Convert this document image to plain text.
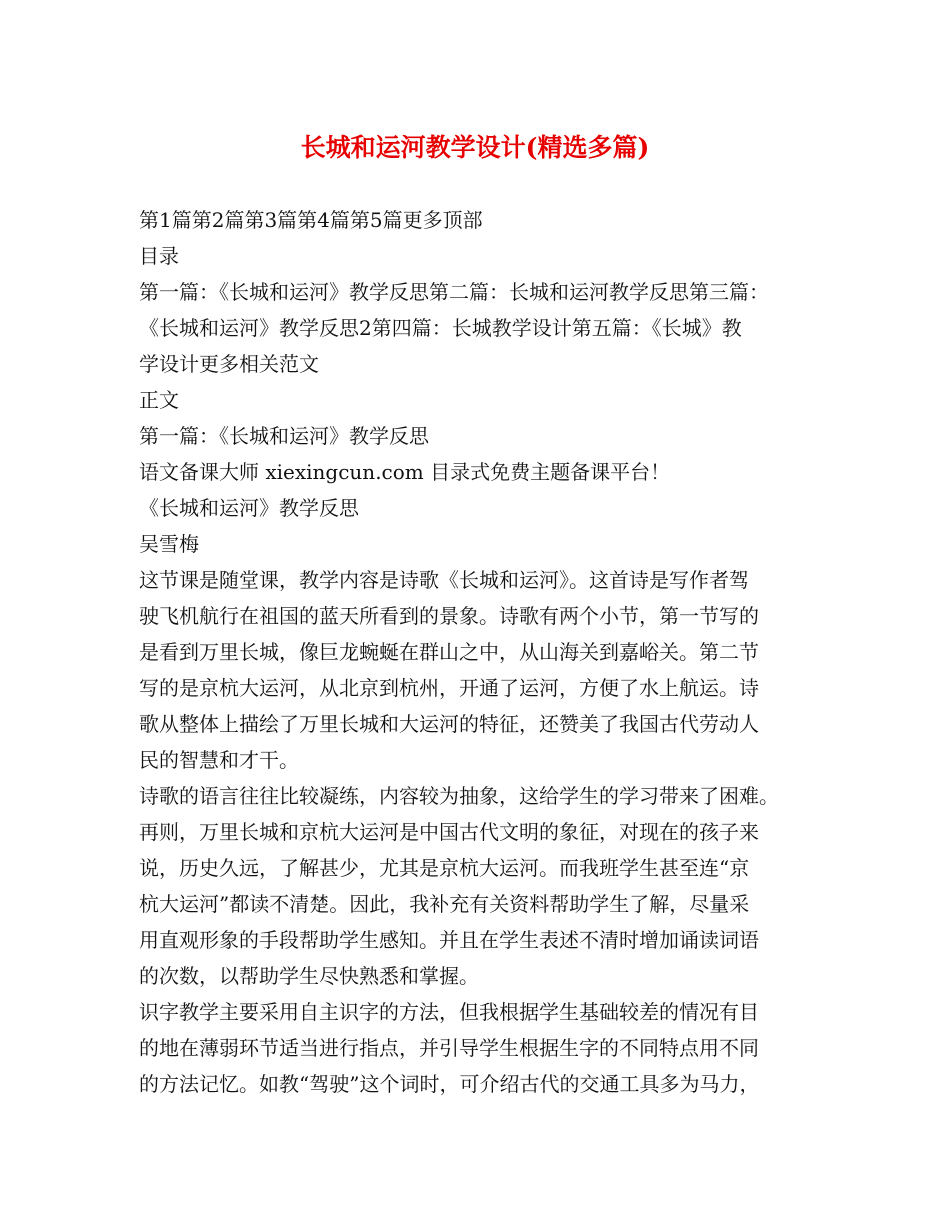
长城和运河教学设计(精选多篇)
第1篇第2篇第3篇第4篇第5篇更多顶部
目录
第一篇：《长城和运河》教学反思第二篇：长城和运河教学反思第三篇：
《长城和运河》教学反思2第四篇：长城教学设计第五篇：《长城》教
学设计更多相关范文
正文
第一篇：《长城和运河》教学反思
语文备课大师 xiexingcun.com 目录式免费主题备课平台！
《长城和运河》教学反思
吴雪梅
这节课是随堂课，教学内容是诗歌《长城和运河》。这首诗是写作者驾
驶飞机航行在祖国的蓝天所看到的景象。诗歌有两个小节，第一节写的
是看到万里长城，像巨龙蜿蜒在群山之中，从山海关到嘉峪关。第二节
写的是京杭大运河，从北京到杭州，开通了运河，方便了水上航运。诗
歌从整体上描绘了万里长城和大运河的特征，还赞美了我国古代劳动人
民的智慧和才干。
诗歌的语言往往比较凝练，内容较为抽象，这给学生的学习带来了困难。
再则，万里长城和京杭大运河是中国古代文明的象征，对现在的孩子来
说，历史久远，了解甚少，尤其是京杭大运河。而我班学生甚至连“京
杭大运河”都读不清楚。因此，我补充有关资料帮助学生了解，尽量采
用直观形象的手段帮助学生感知。并且在学生表述不清时增加诵读词语
的次数，以帮助学生尽快熟悉和掌握。
识字教学主要采用自主识字的方法，但我根据学生基础较差的情况有目
的地在薄弱环节适当进行指点，并引导学生根据生字的不同特点用不同
的方法记忆。如教“驾驶”这个词时，可介绍古代的交通工具多为马力，
